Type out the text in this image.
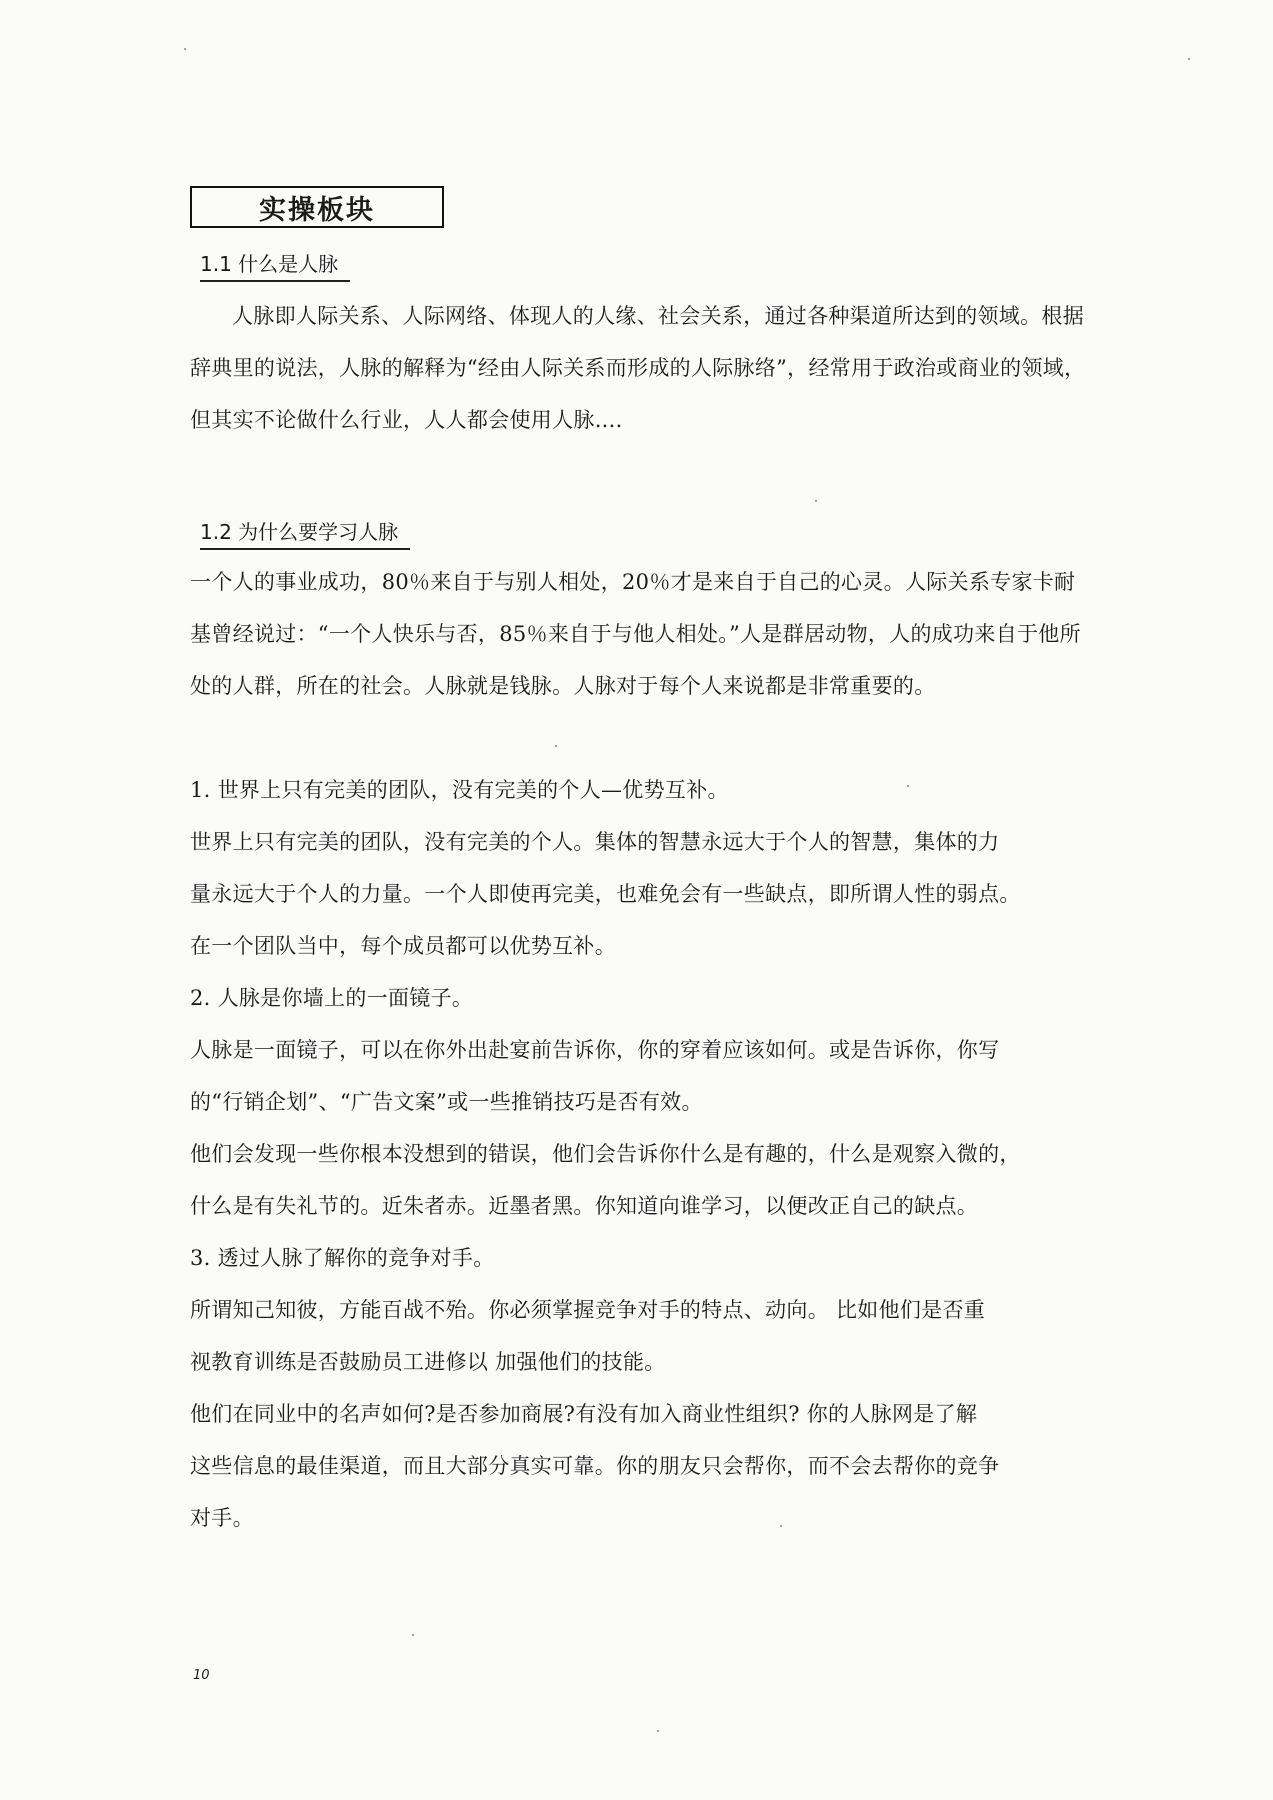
实操板块
1.1 什么是人脉
人脉即人际关系、人际网络、体现人的人缘、社会关系，通过各种渠道所达到的领域。根据辞典里的说法，人脉的解释为“经由人际关系而形成的人际脉络”，经常用于政治或商业的领域，但其实不论做什么行业，人人都会使用人脉....
1.2 为什么要学习人脉
一个人的事业成功，80％来自于与别人相处，20％才是来自于自己的心灵。人际关系专家卡耐基曾经说过：“一个人快乐与否，85％来自于与他人相处。”人是群居动物，人的成功来自于他所处的人群，所在的社会。人脉就是钱脉。人脉对于每个人来说都是非常重要的。
1. 世界上只有完美的团队，没有完美的个人—优势互补。
世界上只有完美的团队，没有完美的个人。集体的智慧永远大于个人的智慧，集体的力
量永远大于个人的力量。一个人即使再完美，也难免会有一些缺点，即所谓人性的弱点。
在一个团队当中，每个成员都可以优势互补。
2. 人脉是你墙上的一面镜子。
人脉是一面镜子，可以在你外出赴宴前告诉你，你的穿着应该如何。或是告诉你，你写
的“行销企划”、“广告文案”或一些推销技巧是否有效。
他们会发现一些你根本没想到的错误，他们会告诉你什么是有趣的，什么是观察入微的，
什么是有失礼节的。近朱者赤。近墨者黑。你知道向谁学习，以便改正自己的缺点。
3. 透过人脉了解你的竞争对手。
所谓知己知彼，方能百战不殆。你必须掌握竞争对手的特点、动向。 比如他们是否重
视教育训练是否鼓励员工进修以 加强他们的技能。
他们在同业中的名声如何?是否参加商展?有没有加入商业性组织? 你的人脉网是了解
这些信息的最佳渠道，而且大部分真实可靠。你的朋友只会帮你，而不会去帮你的竞争
对手。
10
